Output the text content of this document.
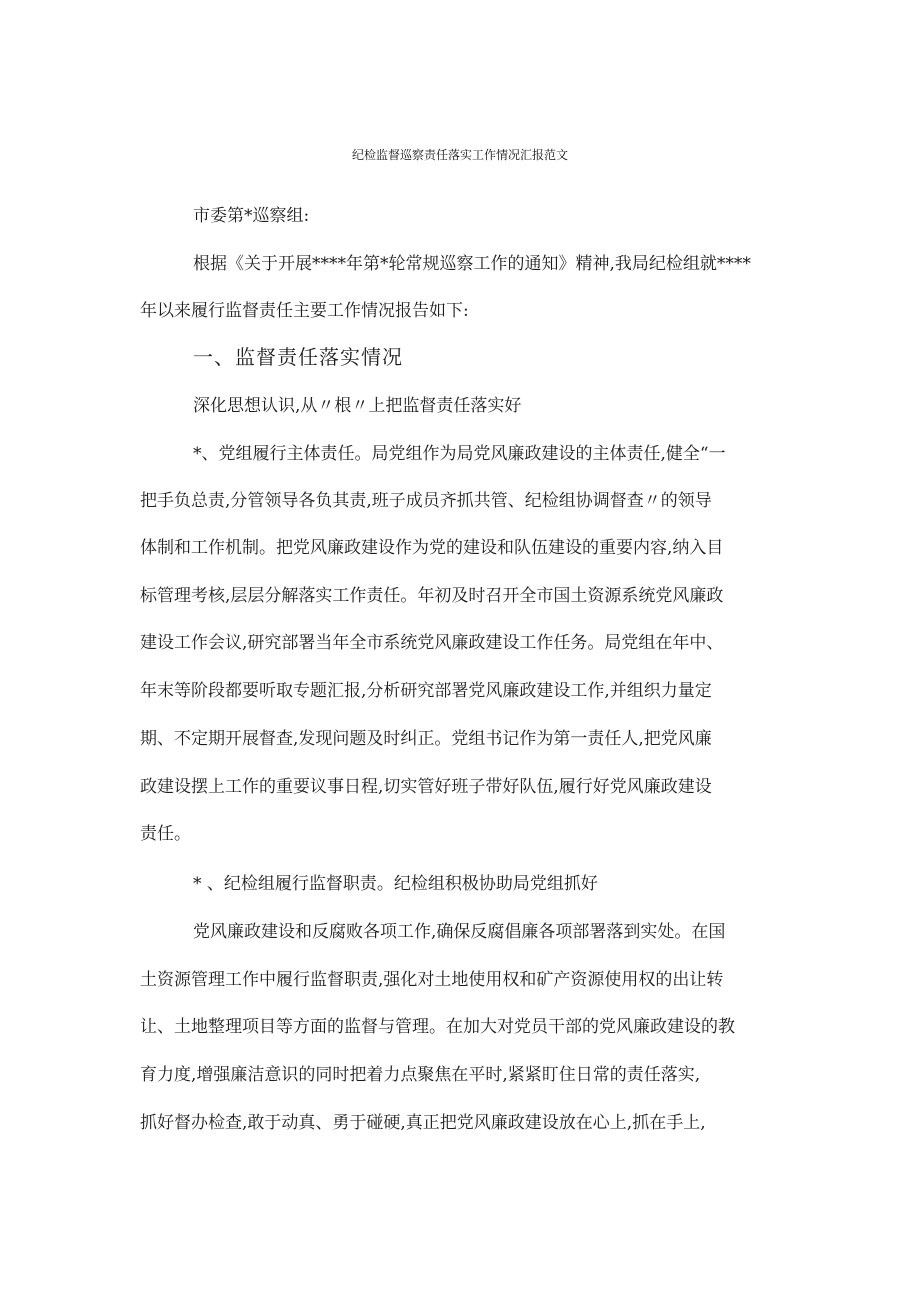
纪检监督巡察责任落实工作情况汇报范文
市委第*巡察组:
根据《关于开展****年第*轮常规巡察工作的通知》精神,我局纪检组就****
年以来履行监督责任主要工作情况报告如下:
一、监督责任落实情况
深化思想认识,从〃根〃上把监督责任落实好
*、党组履行主体责任。局党组作为局党风廉政建设的主体责任,健全“一
把手负总责,分管领导各负其责,班子成员齐抓共管、纪检组协调督查〃的领导
体制和工作机制。把党风廉政建设作为党的建设和队伍建设的重要内容,纳入目
标管理考核,层层分解落实工作责任。年初及时召开全市国土资源系统党风廉政
建设工作会议,研究部署当年全市系统党风廉政建设工作任务。局党组在年中、
年末等阶段都要听取专题汇报,分析研究部署党风廉政建设工作,并组织力量定
期、不定期开展督查,发现问题及时纠正。党组书记作为第一责任人,把党风廉
政建设摆上工作的重要议事日程,切实管好班子带好队伍,履行好党风廉政建设
责任。
* 、纪检组履行监督职责。纪检组积极协助局党组抓好
党风廉政建设和反腐败各项工作,确保反腐倡廉各项部署落到实处。在国
土资源管理工作中履行监督职责,强化对土地使用权和矿产资源使用权的出让转
让、土地整理项目等方面的监督与管理。在加大对党员干部的党风廉政建设的教
育力度,增强廉洁意识的同时把着力点聚焦在平时,紧紧盯住日常的责任落实,
抓好督办检查,敢于动真、勇于碰硬,真正把党风廉政建设放在心上,抓在手上,
